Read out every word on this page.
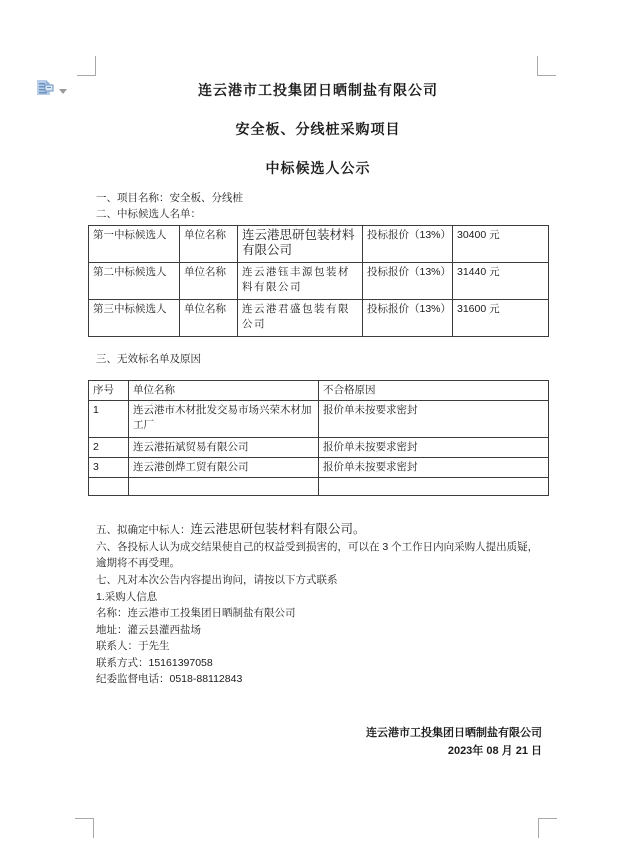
连云港市工投集团日晒制盐有限公司
安全板、分线桩采购项目
中标候选人公示
一、项目名称：安全板、分线桩
二、中标候选人名单：
第一中标候选人	单位名称	连云港思研包装材料有限公司	投标报价（13%）	30400 元
第二中标候选人	单位名称	连云港钰丰源包装材料有限公司	投标报价（13%）	31440 元
第三中标候选人	单位名称	连云港君盛包装有限公司	投标报价（13%）	31600 元
三、无效标名单及原因
序号	单位名称	不合格原因
1	连云港市木材批发交易市场兴荣木材加工厂	报价单未按要求密封
2	连云港拓斌贸易有限公司	报价单未按要求密封
3	连云港创烨工贸有限公司	报价单未按要求密封

五、拟确定中标人：连云港思研包装材料有限公司。
六、各投标人认为成交结果使自己的权益受到损害的，可以在 3 个工作日内向采购人提出质疑，逾期将不再受理。
七、凡对本次公告内容提出询问，请按以下方式联系
1.采购人信息
名称：连云港市工投集团日晒制盐有限公司
地址：灌云县灌西盐场
联系人：于先生
联系方式：15161397058
纪委监督电话：0518-88112843
连云港市工投集团日晒制盐有限公司
2023年 08 月 21 日
